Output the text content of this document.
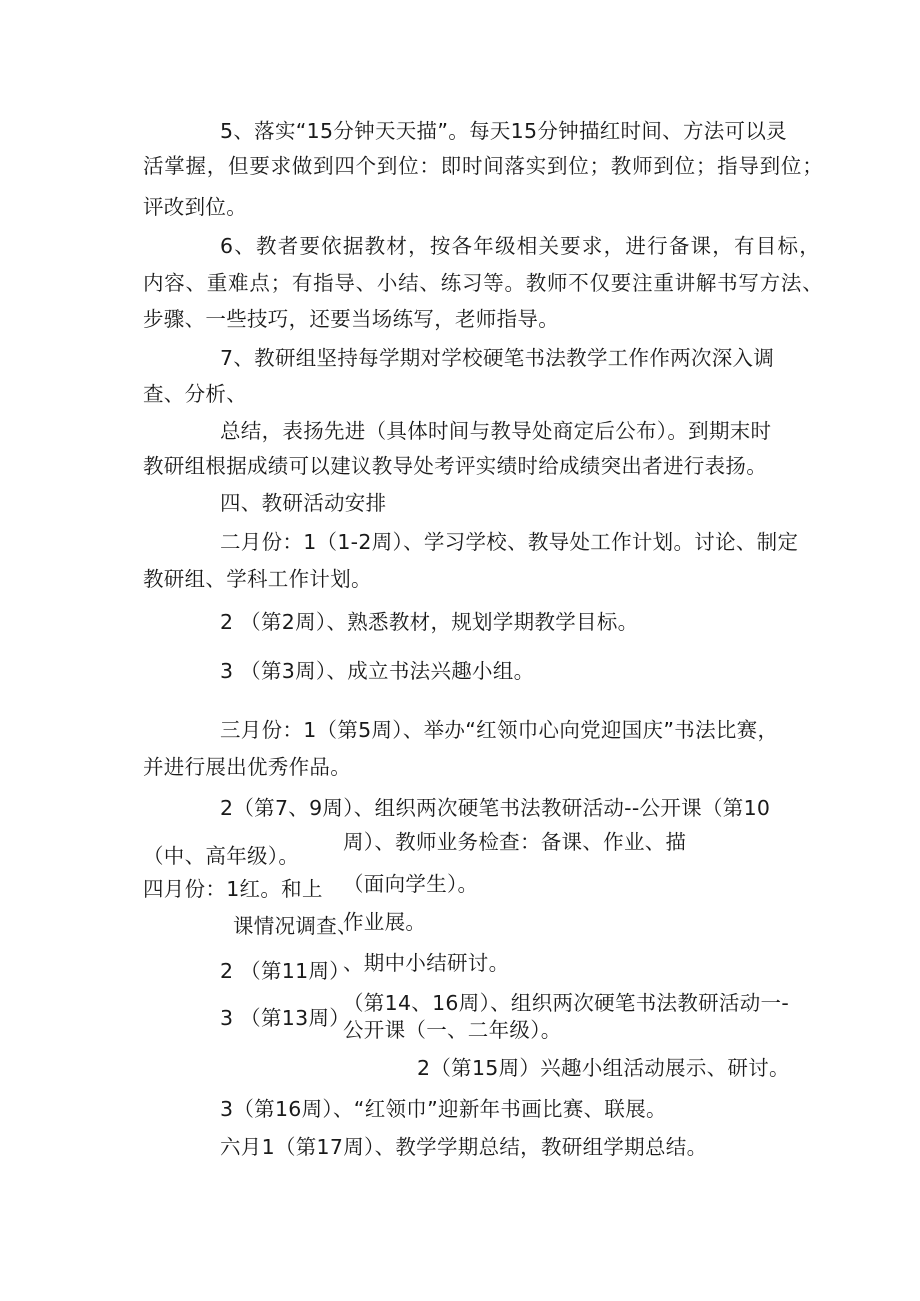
5、落实“15分钟天天描”。每天15分钟描红时间、方法可以灵
活掌握，但要求做到四个到位：即时间落实到位；教师到位；指导到位；
评改到位。
6、教者要依据教材，按各年级相关要求，进行备课，有目标，
内容、重难点；有指导、小结、练习等。教师不仅要注重讲解书写方法、
步骤、一些技巧，还要当场练写，老师指导。
7、教研组坚持每学期对学校硬笔书法教学工作作两次深入调
查、分析、
总结，表扬先进（具体时间与教导处商定后公布）。到期末时
教研组根据成绩可以建议教导处考评实绩时给成绩突出者进行表扬。
四、教研活动安排
二月份：1（1-2周）、学习学校、教导处工作计划。讨论、制定
教研组、学科工作计划。
2 （第2周）、熟悉教材，规划学期教学目标。
3 （第3周）、成立书法兴趣小组。
三月份：1（第5周）、举办“红领巾心向党迎国庆”书法比赛，
并进行展出优秀作品。
2（第7、9周）、组织两次硬笔书法教研活动--公开课（第10
（中、高年级）。
周）、教师业务检查：备课、作业、描
四月份：1红。和上 （面向学生）。
课情况调查、
作业展。
2 （第11周）
、期中小结研讨。
3 （第13周）
（第14、16周）、组织两次硬笔书法教研活动一-
公开课（一、二年级）。
2（第15周）兴趣小组活动展示、研讨。
3（第16周）、“红领巾”迎新年书画比赛、联展。
六月1（第17周）、教学学期总结，教研组学期总结。
